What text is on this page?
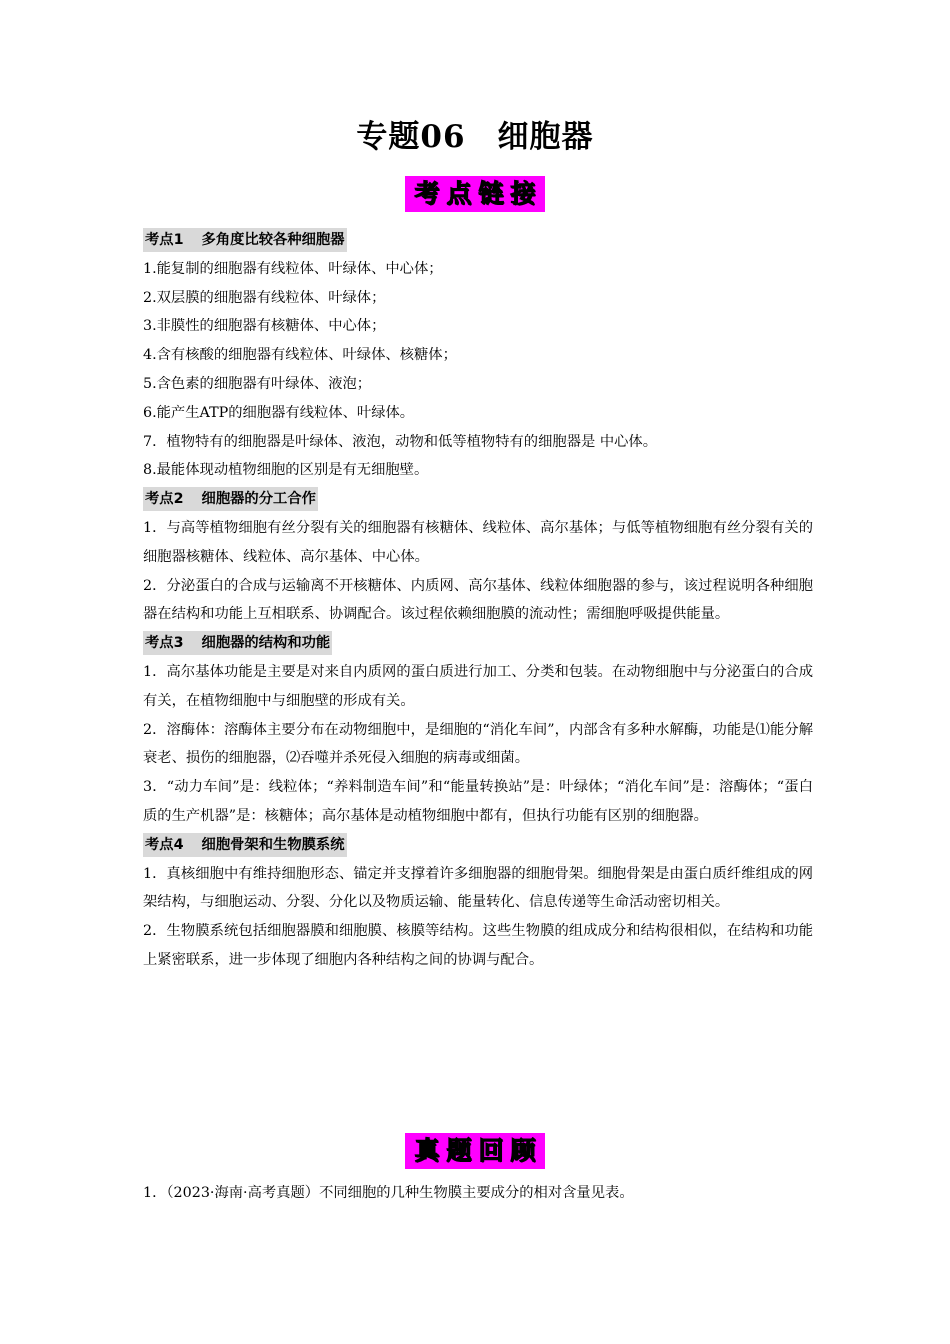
专题06　细胞器
考点链接
考点1 多角度比较各种细胞器

1.能复制的细胞器有线粒体、叶绿体、中心体；

2.双层膜的细胞器有线粒体、叶绿体；

3.非膜性的细胞器有核糖体、中心体；

4.含有核酸的细胞器有线粒体、叶绿体、核糖体；

5.含色素的细胞器有叶绿体、液泡；

6.能产生ATP的细胞器有线粒体、叶绿体。

7．植物特有的细胞器是叶绿体、液泡，动物和低等植物特有的细胞器是 中心体。

8.最能体现动植物细胞的区别是有无细胞壁。

考点2 细胞器的分工合作

1．与高等植物细胞有丝分裂有关的细胞器有核糖体、线粒体、高尔基体；与低等植物细胞有丝分裂有关的细胞器核糖体、线粒体、高尔基体、中心体。

2．分泌蛋白的合成与运输离不开核糖体、内质网、高尔基体、线粒体细胞器的参与，该过程说明各种细胞器在结构和功能上互相联系、协调配合。该过程依赖细胞膜的流动性；需细胞呼吸提供能量。

考点3 细胞器的结构和功能

1．高尔基体功能是主要是对来自内质网的蛋白质进行加工、分类和包装。在动物细胞中与分泌蛋白的合成有关，在植物细胞中与细胞壁的形成有关。

2．溶酶体：溶酶体主要分布在动物细胞中，是细胞的“消化车间”，内部含有多种水解酶，功能是⑴能分解衰老、损伤的细胞器，⑵吞噬并杀死侵入细胞的病毒或细菌。

3．“动力车间”是：线粒体；“养料制造车间”和“能量转换站”是：叶绿体；“消化车间”是：溶酶体；“蛋白质的生产机器”是：核糖体；高尔基体是动植物细胞中都有，但执行功能有区别的细胞器。

考点4 细胞骨架和生物膜系统

1．真核细胞中有维持细胞形态、锚定并支撑着许多细胞器的细胞骨架。细胞骨架是由蛋白质纤维组成的网架结构，与细胞运动、分裂、分化以及物质运输、能量转化、信息传递等生命活动密切相关。

2．生物膜系统包括细胞器膜和细胞膜、核膜等结构。这些生物膜的组成成分和结构很相似，在结构和功能上紧密联系，进一步体现了细胞内各种结构之间的协调与配合。

真题回顾
1．（2023·海南·高考真题）不同细胞的几种生物膜主要成分的相对含量见表。
